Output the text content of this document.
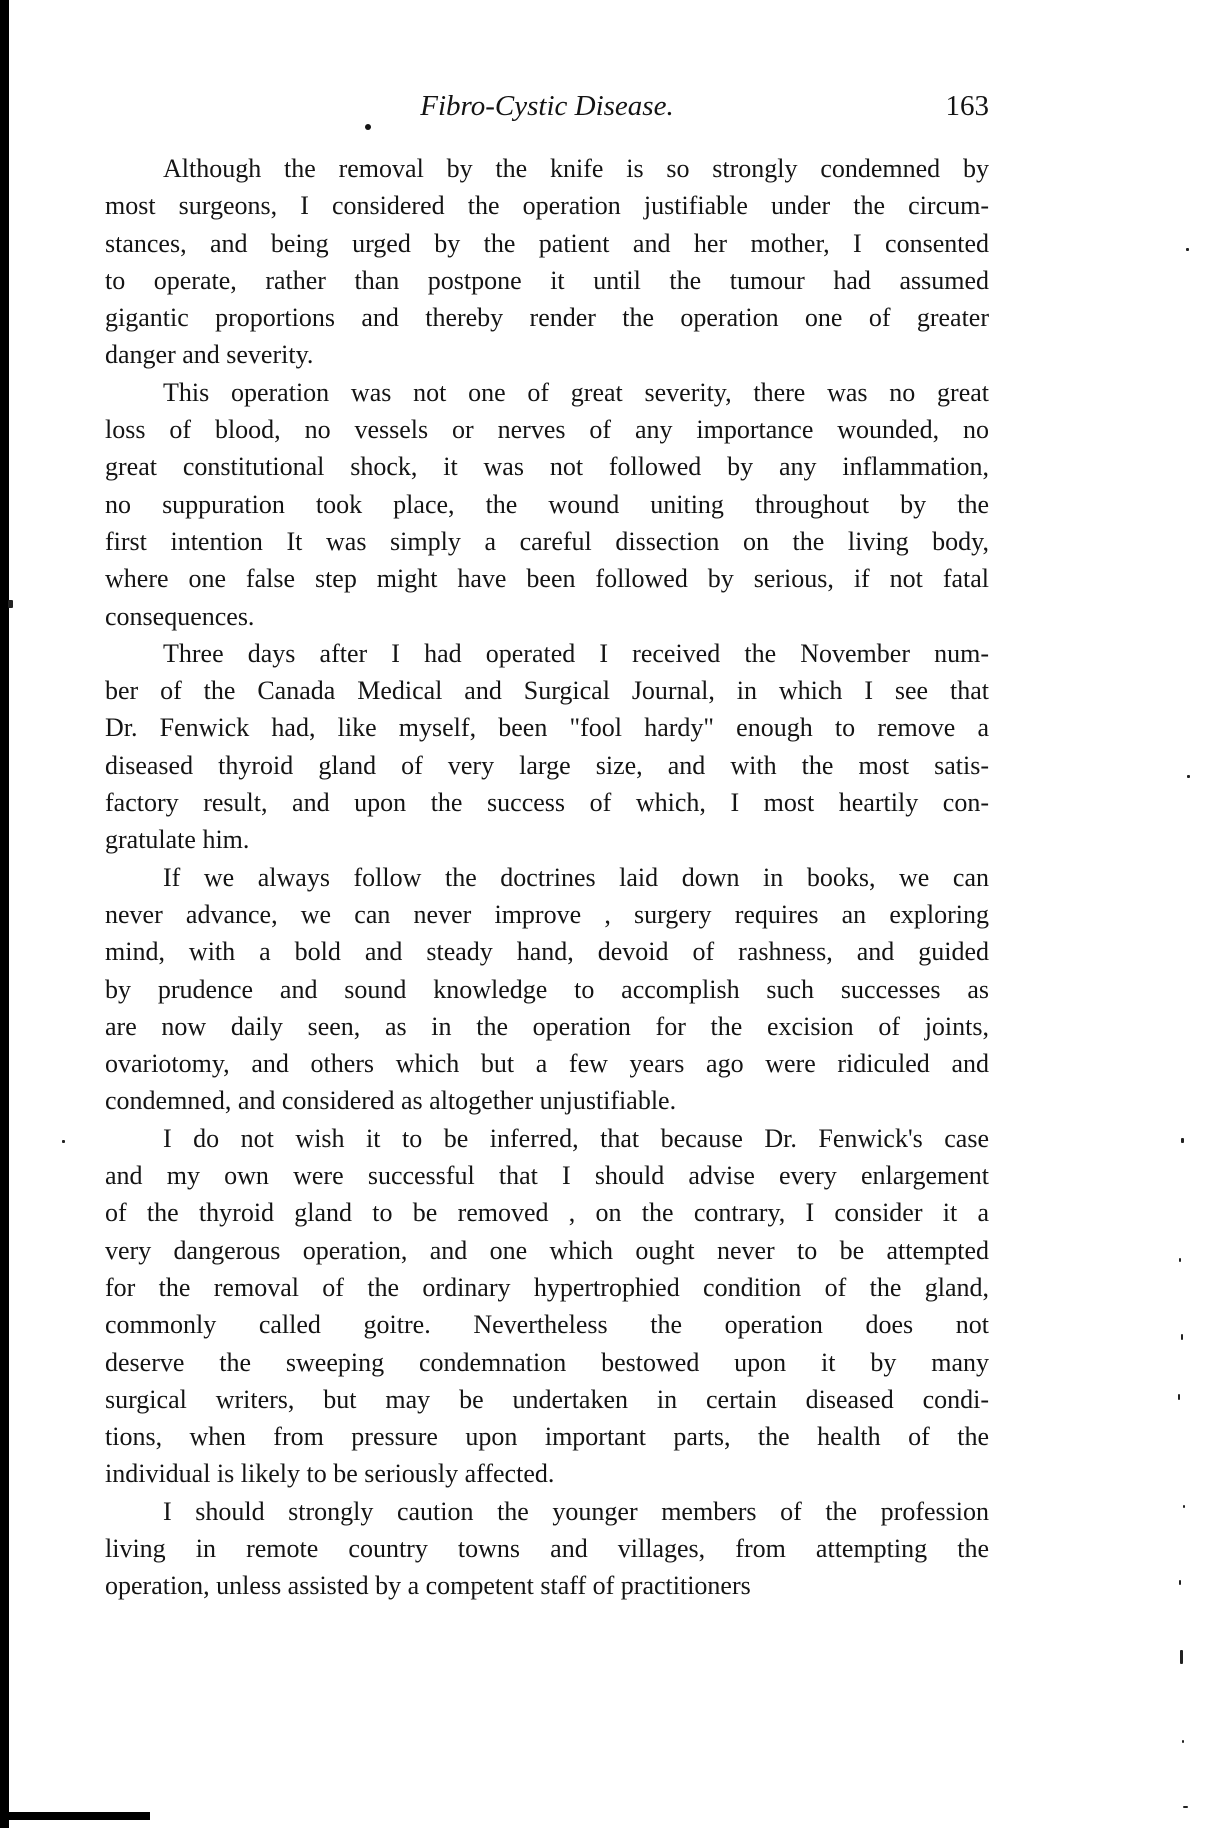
Fibro-Cystic Disease.	163
Although the removal by the knife is so strongly condemned by
most surgeons, I considered the operation justifiable under the circum-
stances, and being urged by the patient and her mother, I consented
to operate, rather than postpone it until the tumour had assumed
gigantic proportions and thereby render the operation one of greater
danger and severity.
This operation was not one of great severity, there was no great
loss of blood, no vessels or nerves of any importance wounded, no
great constitutional shock, it was not followed by any inflammation,
no suppuration took place, the wound uniting throughout by the
first intention It was simply a careful dissection on the living body,
where one false step might have been followed by serious, if not fatal
consequences.
Three days after I had operated I received the November num-
ber of the Canada Medical and Surgical Journal, in which I see that
Dr. Fenwick had, like myself, been "fool hardy" enough to remove a
diseased thyroid gland of very large size, and with the most satis-
factory result, and upon the success of which, I most heartily con-
gratulate him.
If we always follow the doctrines laid down in books, we can
never advance, we can never improve , surgery requires an exploring
mind, with a bold and steady hand, devoid of rashness, and guided
by prudence and sound knowledge to accomplish such successes as
are now daily seen, as in the operation for the excision of joints,
ovariotomy, and others which but a few years ago were ridiculed and
condemned, and considered as altogether unjustifiable.
I do not wish it to be inferred, that because Dr. Fenwick's case
and my own were successful that I should advise every enlargement
of the thyroid gland to be removed , on the contrary, I consider it a
very dangerous operation, and one which ought never to be attempted
for the removal of the ordinary hypertrophied condition of the gland,
commonly called goitre. Nevertheless the operation does not
deserve the sweeping condemnation bestowed upon it by many
surgical writers, but may be undertaken in certain diseased condi-
tions, when from pressure upon important parts, the health of the
individual is likely to be seriously affected.
I should strongly caution the younger members of the profession
living in remote country towns and villages, from attempting the
operation, unless assisted by a competent staff of practitioners
